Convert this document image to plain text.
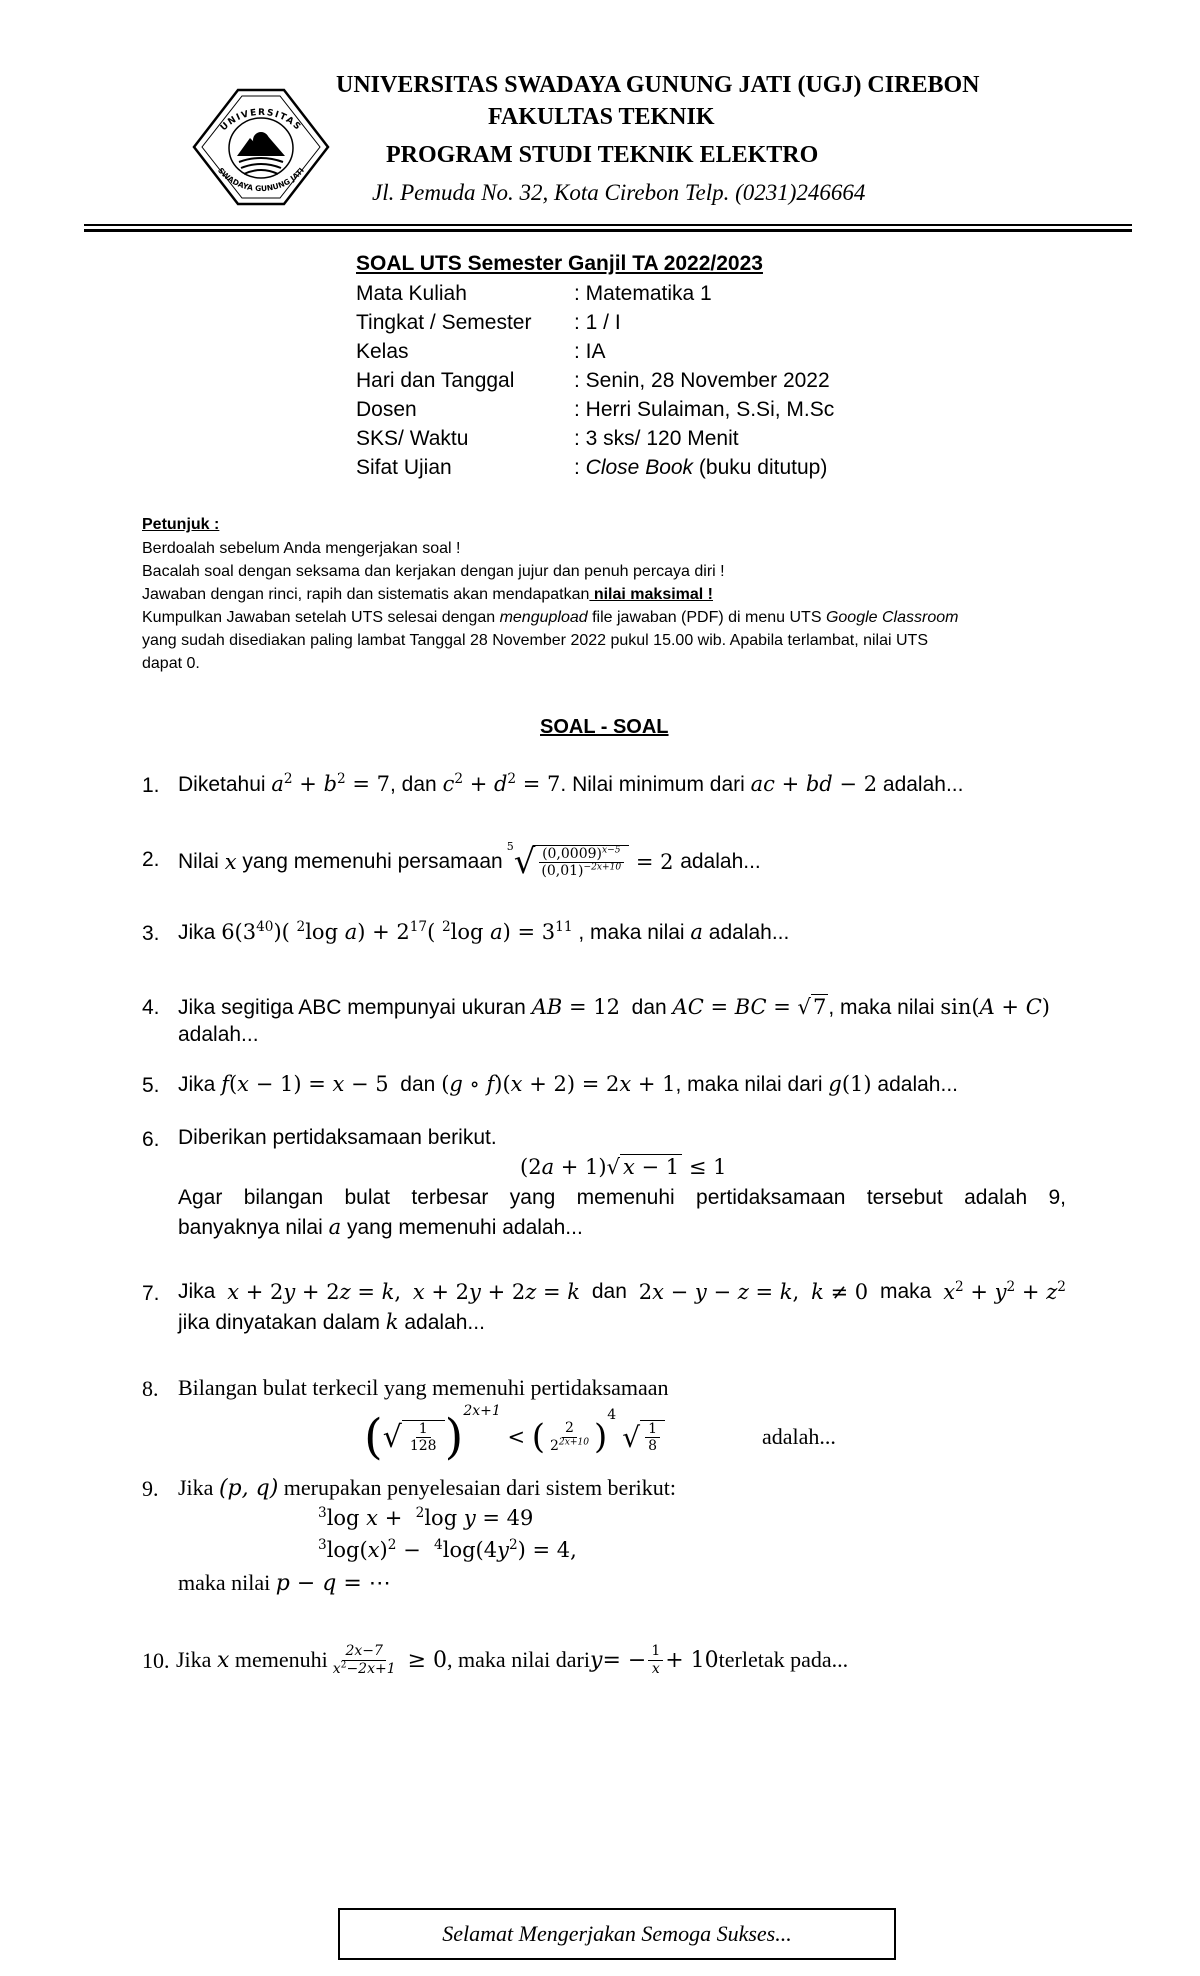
UNIVERSITAS
SWADAYA GUNUNG JATI
UNIVERSITAS SWADAYA GUNUNG JATI (UGJ) CIREBON
FAKULTAS TEKNIK
PROGRAM STUDI TEKNIK ELEKTRO
Jl. Pemuda No. 32, Kota Cirebon Telp. (0231)246664
SOAL UTS Semester Ganjil TA 2022/2023
Mata Kuliah	: Matematika 1
Tingkat / Semester : 1 / I
Kelas	: IA
Hari dan Tanggal	: Senin, 28 November 2022
Dosen	: Herri Sulaiman, S.Si, M.Sc
SKS/ Waktu	: 3 sks/ 120 Menit
Sifat Ujian	: Close Book (buku ditutup)
Petunjuk :
Berdoalah sebelum Anda mengerjakan soal !
Bacalah soal dengan seksama dan kerjakan dengan jujur dan penuh percaya diri !
Jawaban dengan rinci, rapih dan sistematis akan mendapatkan nilai maksimal !
Kumpulkan Jawaban setelah UTS selesai dengan mengupload file jawaban (PDF) di menu UTS Google Classroom
yang sudah disediakan paling lambat Tanggal 28 November 2022 pukul 15.00 wib. Apabila terlambat, nilai UTS
dapat 0.
SOAL - SOAL
1. Diketahui $a^2 + b^2 = 7$, dan $c^2 + d^2 = 7$. Nilai minimum dari ac + bd − 2 adalah...
2. Nilai
x
yang memenuhi persamaan
5 √ $\frac{(0,0009)^{x-5}}{(0,01)^{-2x+10}} = 2$ adalah...
3. Jika $6(3^{40})$( $^2$log $a) + 2^{17}$( $^2$log $a) = 3^{11}$ , maka nilai a adalah...
4. Jika segitiga ABC mempunyai ukuran AB = 12  dan AC = BC = √7, maka nilai sin(A + C)
adalah...
5. Jika f(x − 1) = x − 5  dan (g ∘ f)(x + 2) = 2x + 1, maka nilai dari g(1) adalah...
6. Diberikan pertidaksamaan berikut.
(2a + 1)√ x − 1 ≤ 1
Agar bilangan bulat terbesar yang memenuhi pertidaksamaan tersebut adalah 9,
banyaknya nilai a yang memenuhi adalah...
7. Jika x + 2y + 2z = k, x + 2y + 2z = k dan 2x − y − z = k, k ≠ 0 maka $x^2 + y^2 + z^2$
jika dinyatakan dalam k adalah...
8. Bilangan bulat terkecil yang memenuhi pertidaksamaan
( √ $\frac{1}{128} )^{2x+1}$
< ( $\frac{2}{2^{2x+10}}$ )
$^4$
√ $\frac{1}{8}$	adalah...
9. Jika (p, q) merupakan penyelesaian dari sistem berikut:
$^3$log x +  $^2$log y = 49
$^3\log(x)^2 - ^4\log(4y^2) = 4$,
maka nilai p − q = ⋯
10. Jika
x
memenuhi $\frac{2x-7}{x^2-2x+1} \ge 0$ , maka nilai dari y = − $\frac{1}{x} + 10$ terletak pada...
Selamat Mengerjakan Semoga Sukses...
